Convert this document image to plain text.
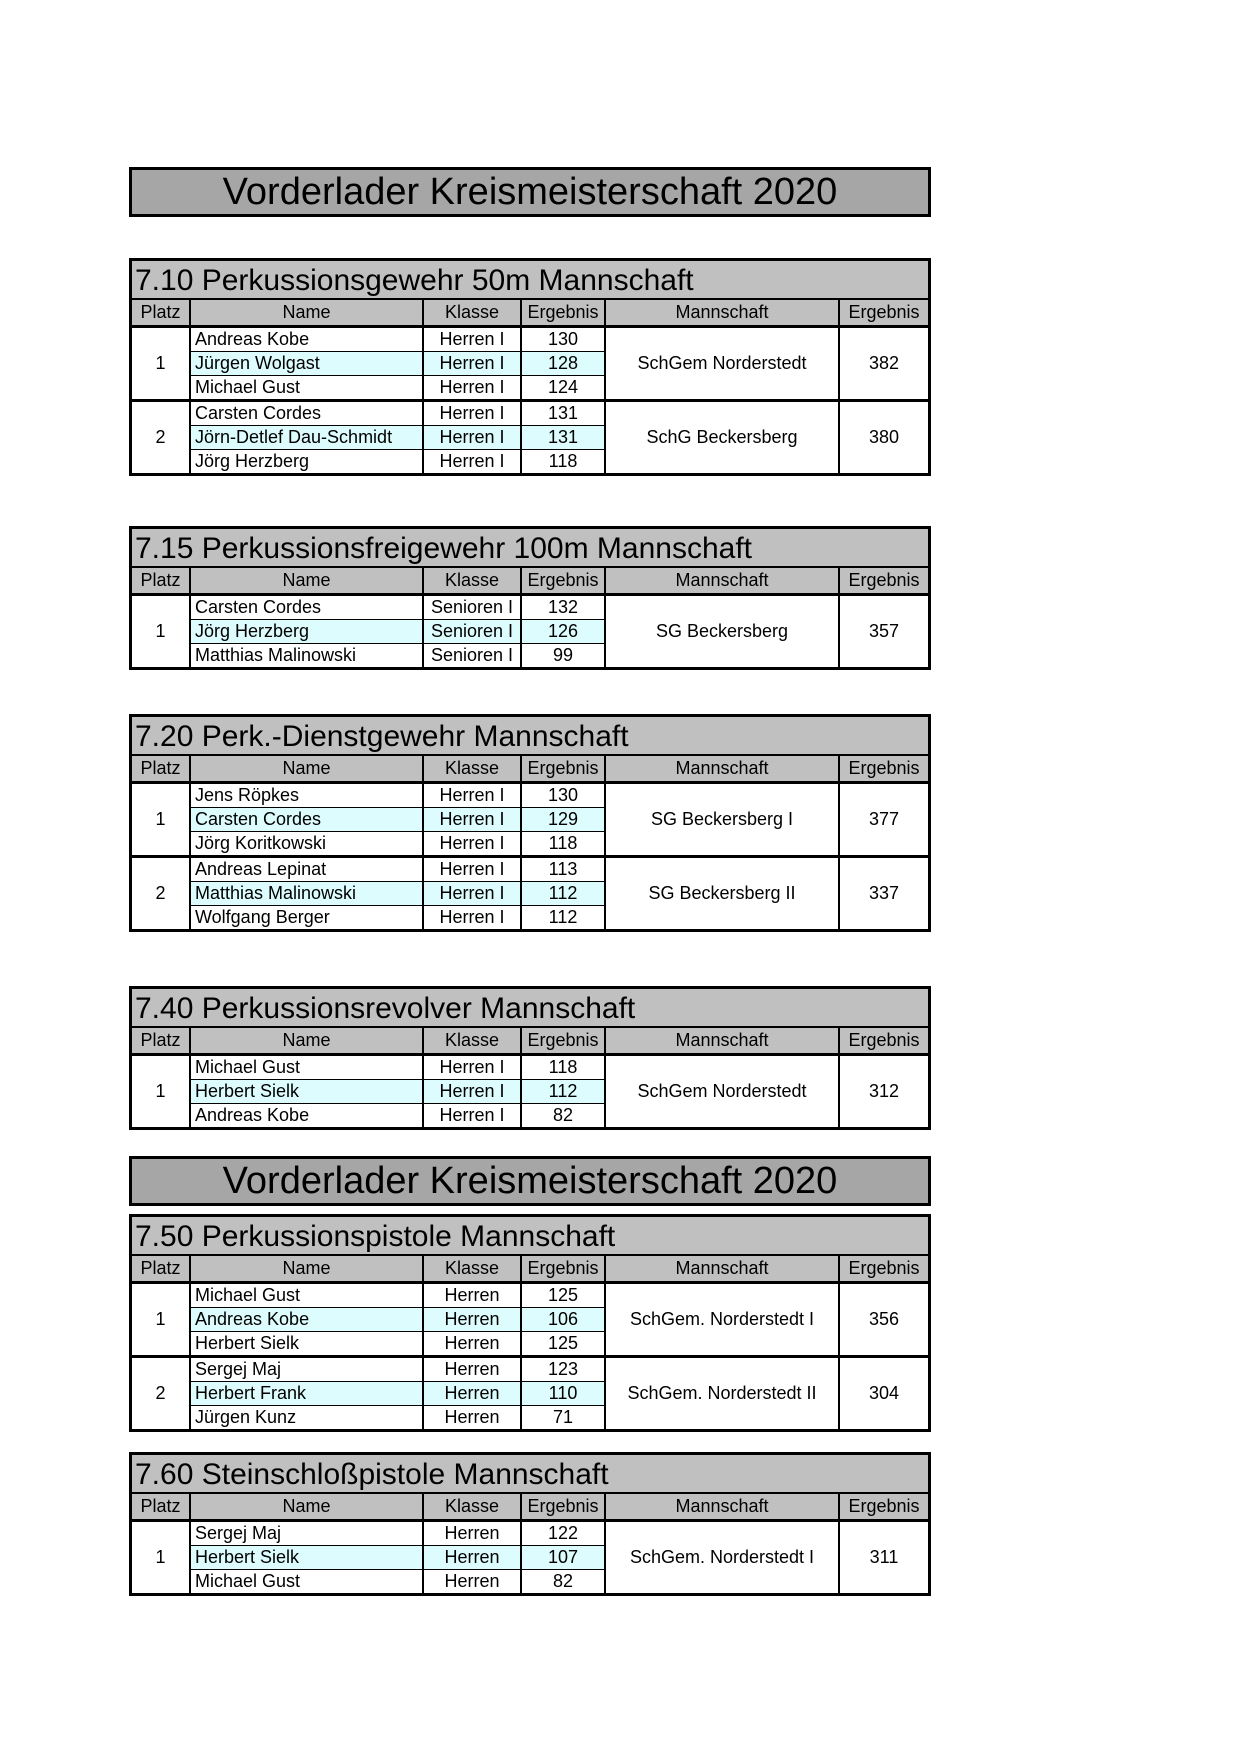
Vorderlader Kreismeisterschaft 2020
7.10 Perkussionsgewehr 50m Mannschaft
Platz	Name	Klasse	Ergebnis	Mannschaft	Ergebnis
1	Andreas Kobe	Herren I	130	SchGem Norderstedt	382
	Jürgen Wolgast	Herren I	128		
	Michael Gust	Herren I	124		
2	Carsten Cordes	Herren I	131	SchG Beckersberg	380
	Jörn-Detlef Dau-Schmidt	Herren I	131		
	Jörg Herzberg	Herren I	118		
7.15 Perkussionsfreigewehr 100m Mannschaft
Platz	Name	Klasse	Ergebnis	Mannschaft	Ergebnis
1	Carsten Cordes	Senioren I	132	SG Beckersberg	357
	Jörg Herzberg	Senioren I	126		
	Matthias Malinowski	Senioren I	99		
7.20 Perk.-Dienstgewehr Mannschaft
Platz	Name	Klasse	Ergebnis	Mannschaft	Ergebnis
1	Jens Röpkes	Herren I	130	SG Beckersberg I	377
	Carsten Cordes	Herren I	129		
	Jörg Koritkowski	Herren I	118		
2	Andreas Lepinat	Herren I	113	SG Beckersberg II	337
	Matthias Malinowski	Herren I	112		
	Wolfgang Berger	Herren I	112		
7.40 Perkussionsrevolver Mannschaft
Platz	Name	Klasse	Ergebnis	Mannschaft	Ergebnis
1	Michael Gust	Herren I	118	SchGem Norderstedt	312
	Herbert Sielk	Herren I	112		
	Andreas Kobe	Herren I	82		
7.50 Perkussionspistole Mannschaft
Platz	Name	Klasse	Ergebnis	Mannschaft	Ergebnis
1	Michael Gust	Herren	125	SchGem. Norderstedt I	356
	Andreas Kobe	Herren	106		
	Herbert Sielk	Herren	125		
2	Sergej Maj	Herren	123	SchGem. Norderstedt II	304
	Herbert Frank	Herren	110		
	Jürgen Kunz	Herren	71		
7.60 Steinschloßpistole Mannschaft
Platz	Name	Klasse	Ergebnis	Mannschaft	Ergebnis
1	Sergej Maj	Herren	122	SchGem. Norderstedt I	311
	Herbert Sielk	Herren	107		
	Michael Gust	Herren	82		
Vorderlader Kreismeisterschaft 2020
